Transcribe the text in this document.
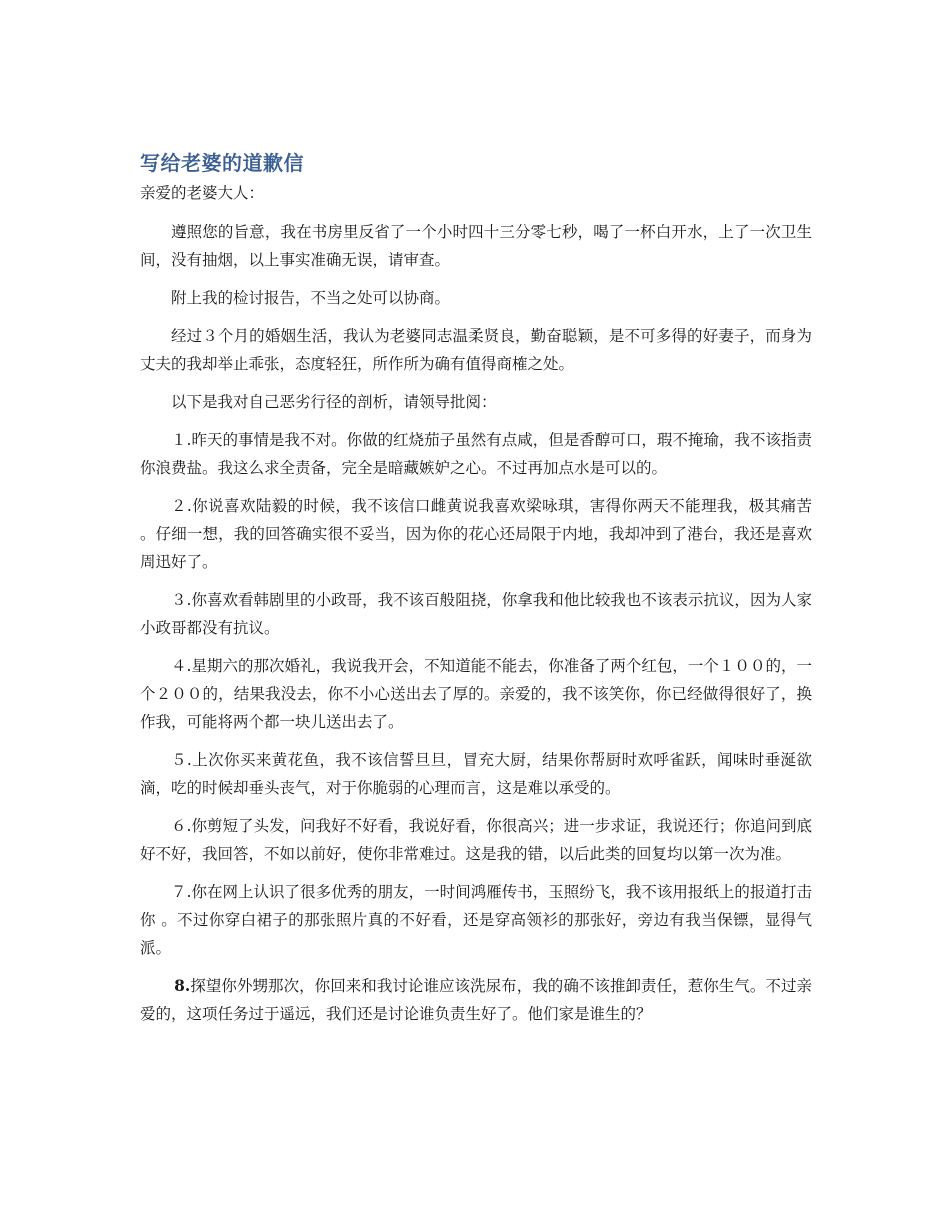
写给老婆的道歉信

亲爱的老婆大人：

遵照您的旨意，我在书房里反省了一个小时四十三分零七秒，喝了一杯白开水，上了一次卫生间，没有抽烟，以上事实准确无误，请审查。

附上我的检讨报告，不当之处可以协商。

经过３个月的婚姻生活，我认为老婆同志温柔贤良，勤奋聪颖，是不可多得的好妻子，而身为丈夫的我却举止乖张，态度轻狂，所作所为确有值得商榷之处。

以下是我对自己恶劣行径的剖析，请领导批阅：

１.昨天的事情是我不对。你做的红烧茄子虽然有点咸，但是香醇可口，瑕不掩瑜，我不该指责你浪费盐。我这么求全责备，完全是暗藏嫉妒之心。不过再加点水是可以的。

２.你说喜欢陆毅的时候，我不该信口雌黄说我喜欢梁咏琪，害得你两天不能理我，极其痛苦 。仔细一想，我的回答确实很不妥当，因为你的花心还局限于内地，我却冲到了港台，我还是喜欢周迅好了。

３.你喜欢看韩剧里的小政哥，我不该百般阻挠，你拿我和他比较我也不该表示抗议，因为人家小政哥都没有抗议。

４.星期六的那次婚礼，我说我开会，不知道能不能去，你准备了两个红包，一个１００的，一个２００的，结果我没去，你不小心送出去了厚的。亲爱的，我不该笑你，你已经做得很好了，换作我，可能将两个都一块儿送出去了。

５.上次你买来黄花鱼，我不该信誓旦旦，冒充大厨，结果你帮厨时欢呼雀跃，闻味时垂涎欲滴，吃的时候却垂头丧气，对于你脆弱的心理而言，这是难以承受的。

６.你剪短了头发，问我好不好看，我说好看，你很高兴；进一步求证，我说还行；你追问到底好不好，我回答，不如以前好，使你非常难过。这是我的错，以后此类的回复均以第一次为准。

７.你在网上认识了很多优秀的朋友，一时间鸿雁传书，玉照纷飞，我不该用报纸上的报道打击你 。不过你穿白裙子的那张照片真的不好看，还是穿高领衫的那张好，旁边有我当保镖，显得气派。

8.探望你外甥那次，你回来和我讨论谁应该洗尿布，我的确不该推卸责任，惹你生气。不过亲爱的，这项任务过于遥远，我们还是讨论谁负责生好了。他们家是谁生的？
